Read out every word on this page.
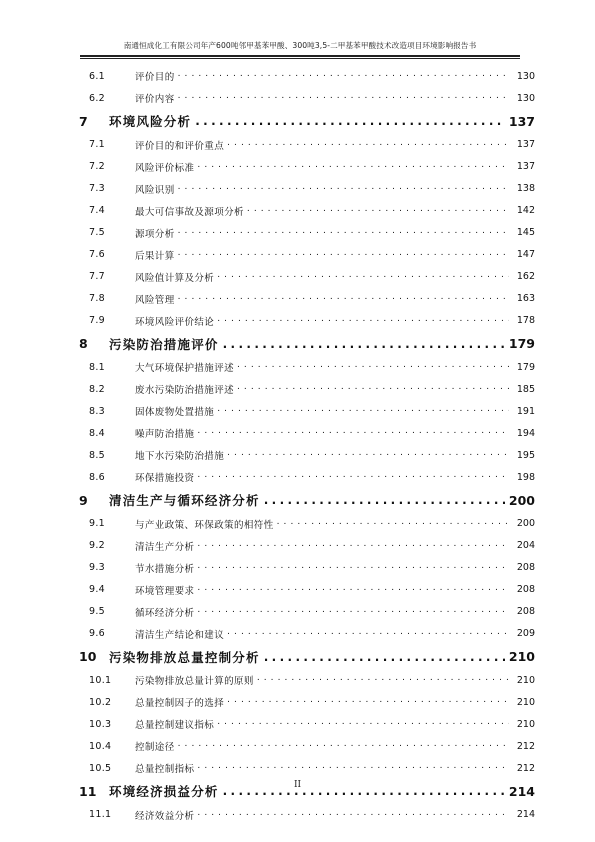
南通恒成化工有限公司年产600吨邻甲基苯甲酸、300吨3,5-二甲基苯甲酸技术改造项目环境影响报告书
6.1	评价目的 . . .	130
6.2	评价内容 . . .	130
7	环境风险分析 . . .	137
7.1	评价目的和评价重点 . . .	137
7.2	风险评价标准 . . .	137
7.3	风险识别 . . .	138
7.4	最大可信事故及源项分析 . . .	142
7.5	源项分析 . . .	145
7.6	后果计算 . . .	147
7.7	风险值计算及分析 . . .	162
7.8	风险管理 . . .	163
7.9	环境风险评价结论 . . .	178
8	污染防治措施评价 . . .	179
8.1	大气环境保护措施评述 . . .	179
8.2	废水污染防治措施评述 . . .	185
8.3	固体废物处置措施 . . .	191
8.4	噪声防治措施 . . .	194
8.5	地下水污染防治措施 . . .	195
8.6	环保措施投资 . . .	198
9	清洁生产与循环经济分析 . . .	200
9.1	与产业政策、环保政策的相符性 . . .	200
9.2	清洁生产分析 . . .	204
9.3	节水措施分析 . . .	208
9.4	环境管理要求 . . .	208
9.5	循环经济分析 . . .	208
9.6	清洁生产结论和建议 . . .	209
10	污染物排放总量控制分析 . . .	210
10.1	污染物排放总量计算的原则 . . .	210
10.2	总量控制因子的选择 . . .	210
10.3	总量控制建议指标 . . .	210
10.4	控制途径 . . .	212
10.5	总量控制指标 . . .	212
11	环境经济损益分析 . . .	214
11.1	经济效益分析 . . .	214
II
